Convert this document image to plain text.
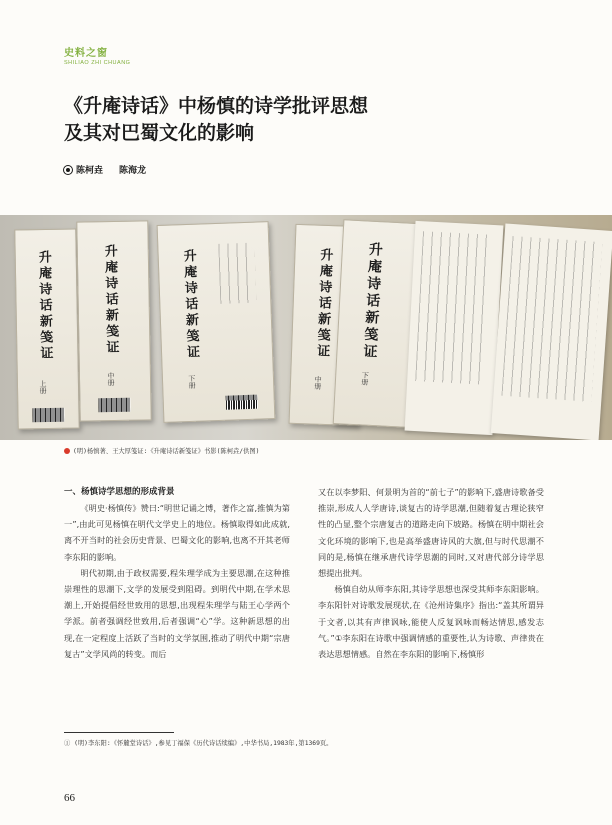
史料之窗
SHILIAO ZHI CHUANG
《升庵诗话》中杨慎的诗学批评思想
及其对巴蜀文化的影响
陈柯垚 陈海龙
升庵诗话新笺证
上册
升庵诗话新笺证
中册
升庵诗话新笺证
下册
升庵诗话新笺证
中册
升庵诗话新笺证
下册
(明)杨慎著、王大厚笺证:《升庵诗话新笺证》书影(陈柯垚/供图)
一、杨慎诗学思想的形成背景

《明史·杨慎传》赞曰:“明世记诵之博，著作之富,推慎为第一”,由此可见杨慎在明代文学史上的地位。杨慎取得如此成就,离不开当时的社会历史背景、巴蜀文化的影响,也离不开其老师李东阳的影响。

明代初期,由于政权需要,程朱理学成为主要思潮,在这种推崇理性的思潮下,文学的发展受到阻碍。到明代中期,在学术思潮上,开始提倡经世致用的思想,出现程朱理学与陆王心学两个学派。前者强调经世致用,后者强调“心”学。这种新思想的出现,在一定程度上活跃了当时的文学氛围,推动了明代中期“宗唐复古”文学风尚的转变。而后

又在以李梦阳、何景明为首的“前七子”的影响下,盛唐诗歌备受推崇,形成人人学唐诗,谈复古的诗学思潮,但随着复古理论狭窄性的凸显,整个宗唐复古的道路走向下坡路。杨慎在明中期社会文化环境的影响下,也是高举盛唐诗风的大旗,但与时代思潮不同的是,杨慎在继承唐代诗学思潮的同时,又对唐代部分诗学思想提出批判。

杨慎自幼从师李东阳,其诗学思想也深受其师李东阳影响。李东阳针对诗歌发展现状,在《沧州诗集序》指出:“盖其所谓异于文者,以其有声律讽咏,能使人反复讽咏而畅达情思,感发志气。”①李东阳在诗歌中强调情感的重要性,认为诗歌、声律贵在表达思想情感。自然在李东阳的影响下,杨慎形

① (明)李东阳:《怀麓堂诗话》,参见丁福保《历代诗话续编》,中华书局,1983年,第1369页。
66
